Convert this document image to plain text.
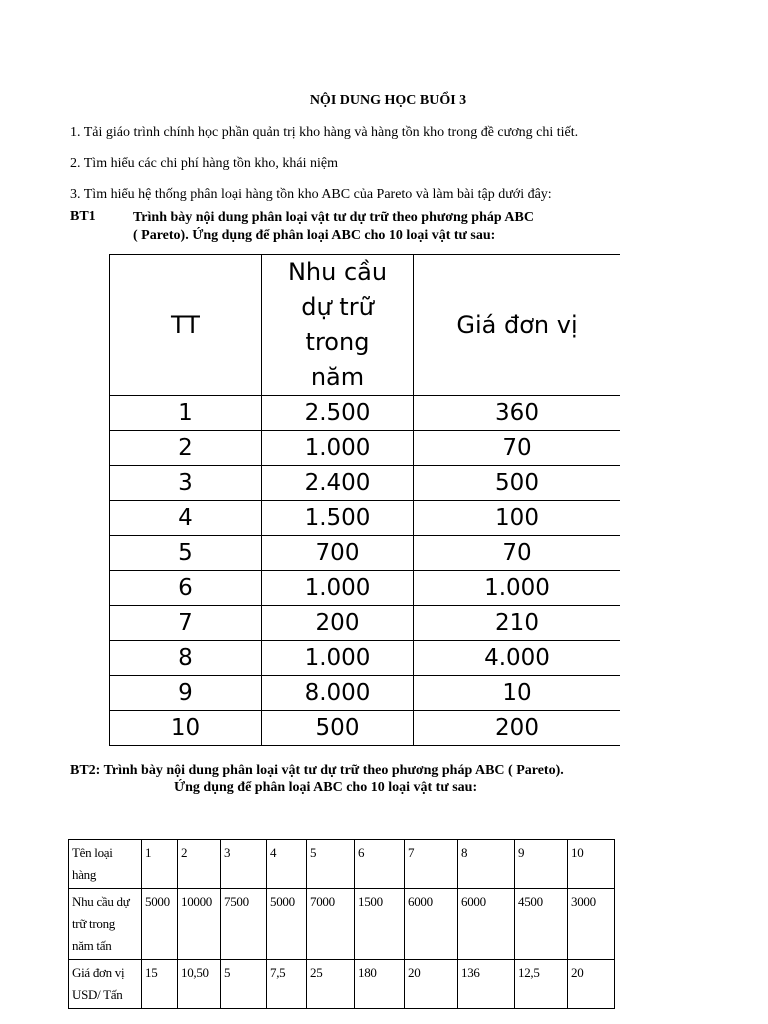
NỘI DUNG HỌC BUỔI 3
1. Tải giáo trình chính học phần quản trị kho hàng và hàng tồn kho trong đề cương chi tiết.
2. Tìm hiểu các chi phí hàng tồn kho, khái niệm
3. Tìm hiểu hệ thống phân loại hàng tồn kho ABC của Pareto và làm bài tập dưới đây:
BT1	Trình bày nội dung phân loại vật tư dự trữ theo phương pháp ABC
( Pareto). Ứng dụng để phân loại ABC cho 10 loại vật tư sau:
TT	Nhu cầu
dự trữ
trong
năm	Giá đơn vị
1	2.500	360
2	1.000	70
3	2.400	500
4	1.500	100
5	700	70
6	1.000	1.000
7	200	210
8	1.000	4.000
9	8.000	10
10	500	200
BT2: Trình bày nội dung phân loại vật tư dự trữ theo phương pháp ABC ( Pareto).
Ứng dụng để phân loại ABC cho 10 loại vật tư sau:
Tên loại
hàng	1	2	3	4	5	6	7	8	9	10

Nhu cầu dự
trữ trong
năm tấn	5000	10000	7500	5000	7000	1500	6000	6000	4500	3000

Giá đơn vị
USD/ Tấn	15	10,50	5	7,5	25	180	20	136	12,5	20
